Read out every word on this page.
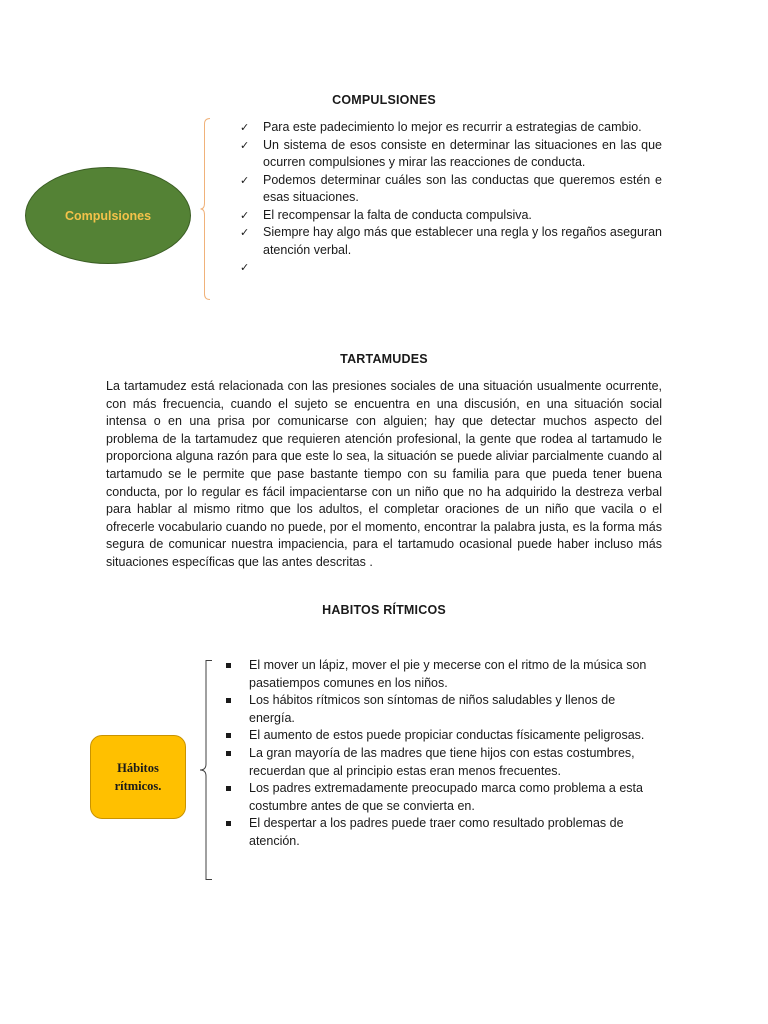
COMPULSIONES
Compulsiones
✓ Para este padecimiento lo mejor es recurrir a estrategias de cambio.
✓ Un sistema de esos consiste en determinar las situaciones en las que ocurren compulsiones y mirar las reacciones de conducta.
✓ Podemos determinar cuáles son las conductas que queremos estén e esas situaciones.
✓ El recompensar la falta de conducta compulsiva.
✓ Siempre hay algo más que establecer una regla y los regaños aseguran atención verbal.
✓
TARTAMUDES

La tartamudez está relacionada con las presiones sociales de una situación usualmente ocurrente, con más frecuencia, cuando el sujeto se encuentra en una discusión, en una situación social intensa o en una prisa por comunicarse con alguien; hay que detectar muchos aspecto del problema de la tartamudez que requieren atención profesional, la gente que rodea al tartamudo le proporciona alguna razón para que este lo sea, la situación se puede aliviar parcialmente cuando al tartamudo se le permite que pase bastante tiempo con su familia para que pueda tener buena conducta, por lo regular es fácil impacientarse con un niño que no ha adquirido la destreza verbal para hablar al mismo ritmo que los adultos, el completar oraciones de un niño que vacila o el ofrecerle vocabulario cuando no puede, por el momento, encontrar la palabra justa, es la forma más segura de comunicar nuestra impaciencia, para el tartamudo ocasional puede haber incluso más situaciones específicas que las antes descritas .

HABITOS RÍTMICOS
Hábitos rítmicos.
El mover un lápiz, mover el pie y mecerse con el ritmo de la música son pasatiempos comunes en los niños.
Los hábitos rítmicos son síntomas de niños saludables y llenos de energía.
El aumento de estos puede propiciar conductas físicamente peligrosas.
La gran mayoría de las madres que tiene hijos con estas costumbres, recuerdan que al principio estas eran menos frecuentes.
Los padres extremadamente preocupado marca como problema a esta costumbre antes de que se convierta en.
El despertar a los padres puede traer como resultado problemas de atención.
